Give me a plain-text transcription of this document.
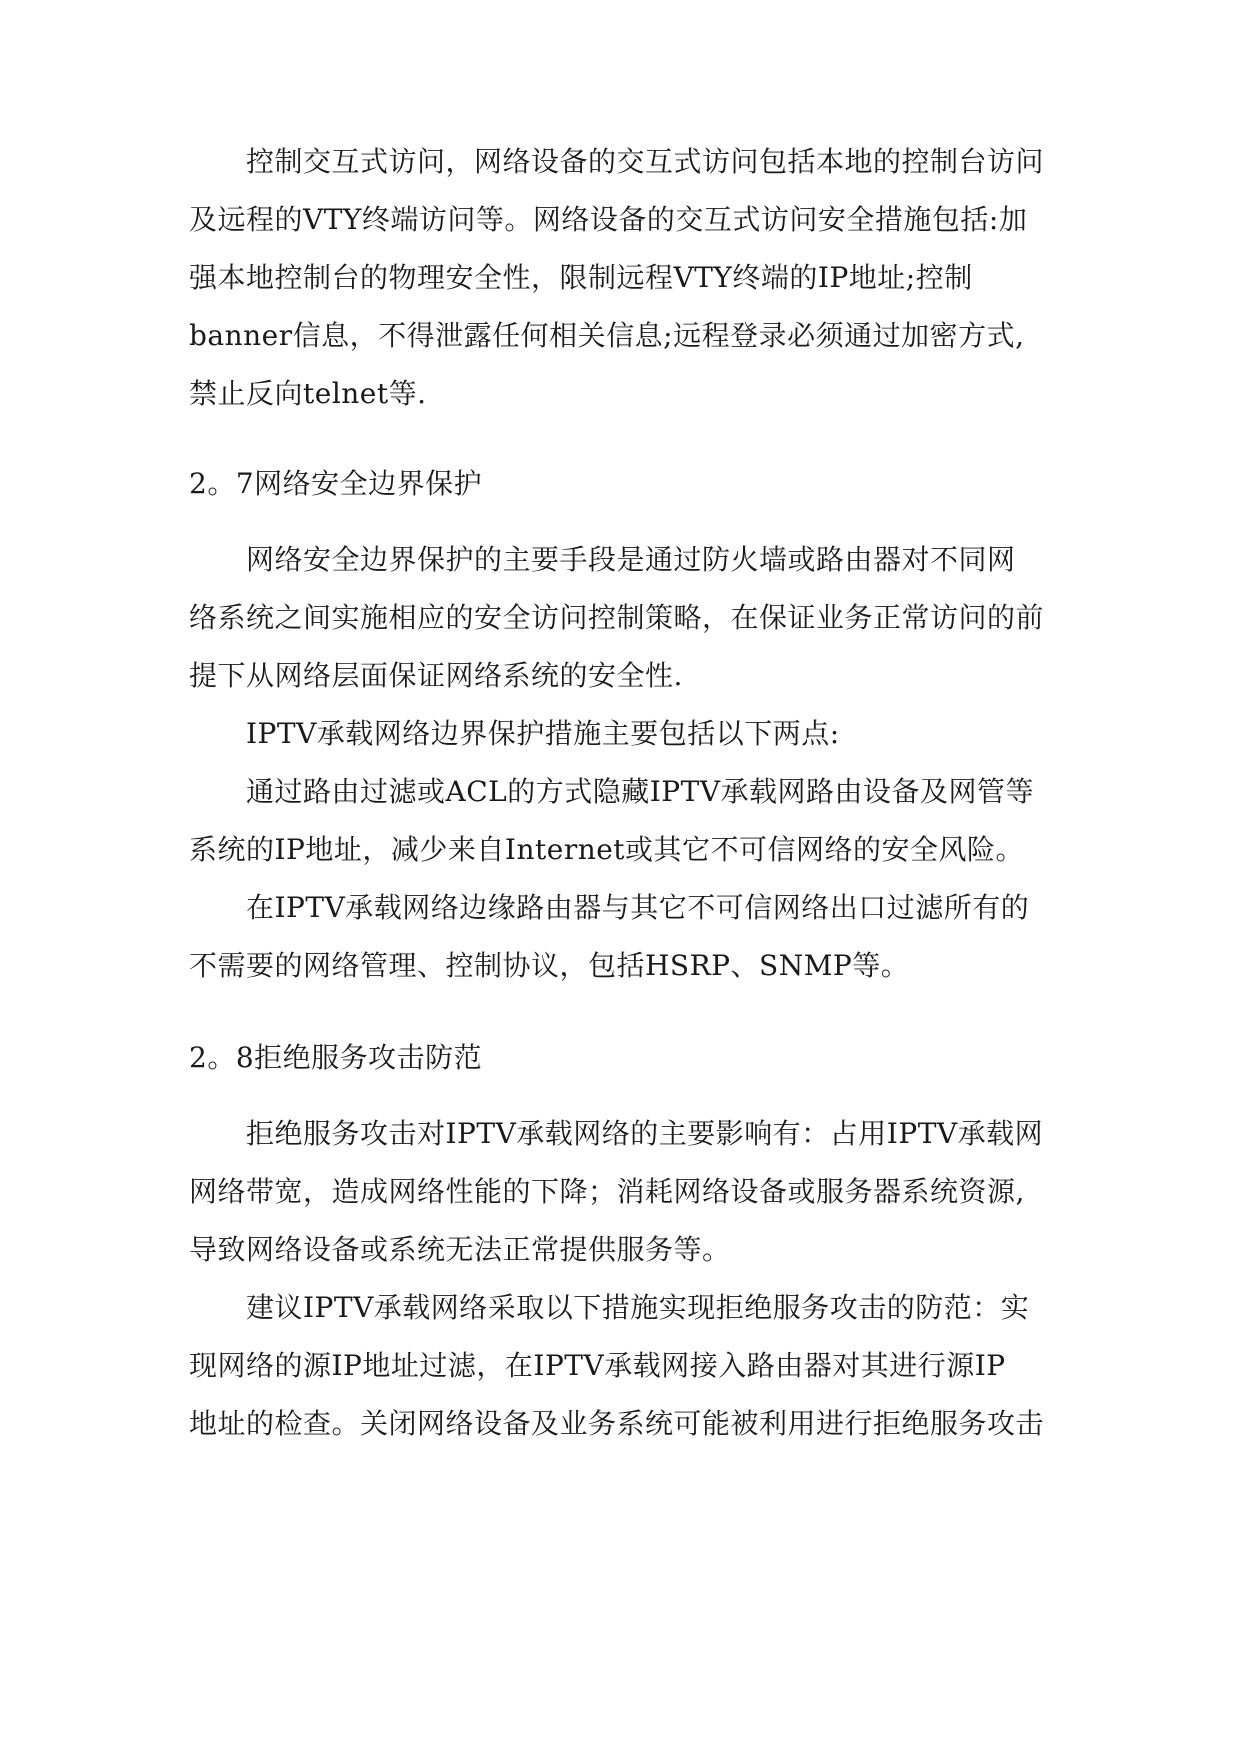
控制交互式访问，网络设备的交互式访问包括本地的控制台访问
及远程的VTY终端访问等。网络设备的交互式访问安全措施包括:加
强本地控制台的物理安全性，限制远程VTY终端的IP地址;控制
banner信息，不得泄露任何相关信息;远程登录必须通过加密方式,
禁止反向telnet等.
2。7网络安全边界保护
网络安全边界保护的主要手段是通过防火墙或路由器对不同网
络系统之间实施相应的安全访问控制策略，在保证业务正常访问的前
提下从网络层面保证网络系统的安全性.
IPTV承载网络边界保护措施主要包括以下两点:
通过路由过滤或ACL的方式隐藏IPTV承载网路由设备及网管等
系统的IP地址，减少来自Internet或其它不可信网络的安全风险。
在IPTV承载网络边缘路由器与其它不可信网络出口过滤所有的
不需要的网络管理、控制协议，包括HSRP、SNMP等。
2。8拒绝服务攻击防范
拒绝服务攻击对IPTV承载网络的主要影响有：占用IPTV承载网
网络带宽，造成网络性能的下降；消耗网络设备或服务器系统资源,
导致网络设备或系统无法正常提供服务等。
建议IPTV承载网络采取以下措施实现拒绝服务攻击的防范：实
现网络的源IP地址过滤，在IPTV承载网接入路由器对其进行源IP
地址的检查。关闭网络设备及业务系统可能被利用进行拒绝服务攻击
